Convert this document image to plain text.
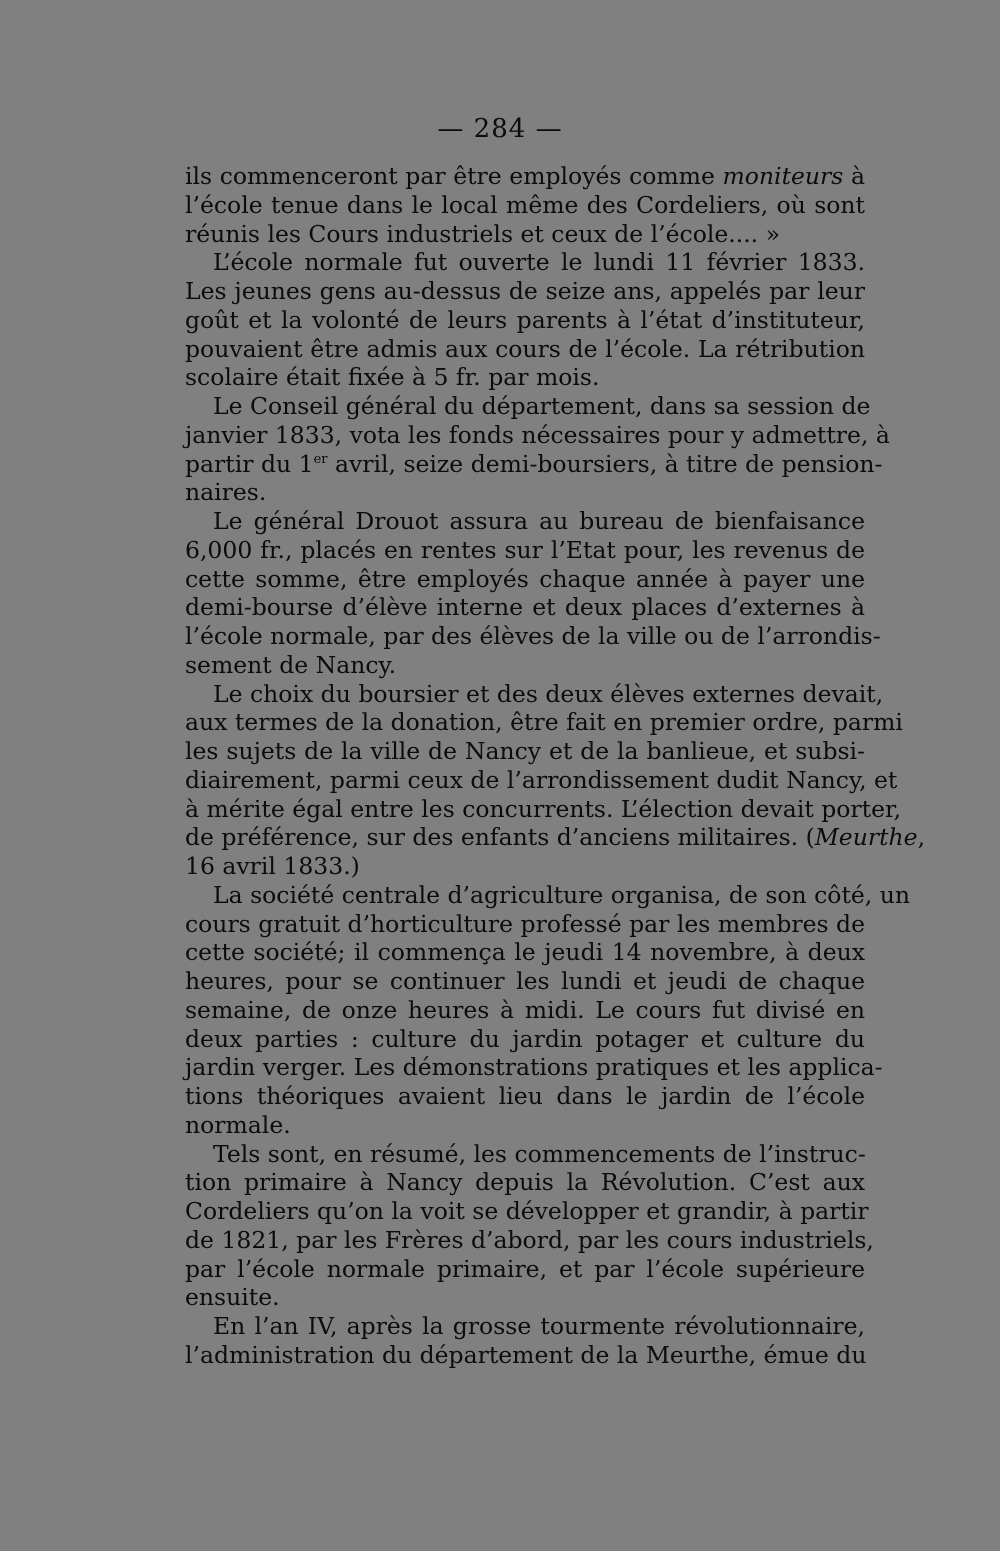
— 284 —
ils commenceront par être employés comme moniteurs à
l’école tenue dans le local même des Cordeliers, où sont
réunis les Cours industriels et ceux de l’école.... »
L’école normale fut ouverte le lundi 11 février 1833.
Les jeunes gens au-dessus de seize ans, appelés par leur
goût et la volonté de leurs parents à l’état d’instituteur,
pouvaient être admis aux cours de l’école. La rétribution
scolaire était fixée à 5 fr. par mois.
Le Conseil général du département, dans sa session de
janvier 1833, vota les fonds nécessaires pour y admettre, à
partir du 1er avril, seize demi-boursiers, à titre de pension-
naires.
Le général Drouot assura au bureau de bienfaisance
6,000 fr., placés en rentes sur l’Etat pour, les revenus de
cette somme, être employés chaque année à payer une
demi-bourse d’élève interne et deux places d’externes à
l’école normale, par des élèves de la ville ou de l’arrondis-
sement de Nancy.
Le choix du boursier et des deux élèves externes devait,
aux termes de la donation, être fait en premier ordre, parmi
les sujets de la ville de Nancy et de la banlieue, et subsi-
diairement, parmi ceux de l’arrondissement dudit Nancy, et
à mérite égal entre les concurrents. L’élection devait porter,
de préférence, sur des enfants d’anciens militaires. (Meurthe,
16 avril 1833.)
La société centrale d’agriculture organisa, de son côté, un
cours gratuit d’horticulture professé par les membres de
cette société; il commença le jeudi 14 novembre, à deux
heures, pour se continuer les lundi et jeudi de chaque
semaine, de onze heures à midi. Le cours fut divisé en
deux parties : culture du jardin potager et culture du
jardin verger. Les démonstrations pratiques et les applica-
tions théoriques avaient lieu dans le jardin de l’école
normale.
Tels sont, en résumé, les commencements de l’instruc-
tion primaire à Nancy depuis la Révolution. C’est aux
Cordeliers qu’on la voit se développer et grandir, à partir
de 1821, par les Frères d’abord, par les cours industriels,
par l’école normale primaire, et par l’école supérieure
ensuite.
En l’an IV, après la grosse tourmente révolutionnaire,
l’administration du département de la Meurthe, émue du
